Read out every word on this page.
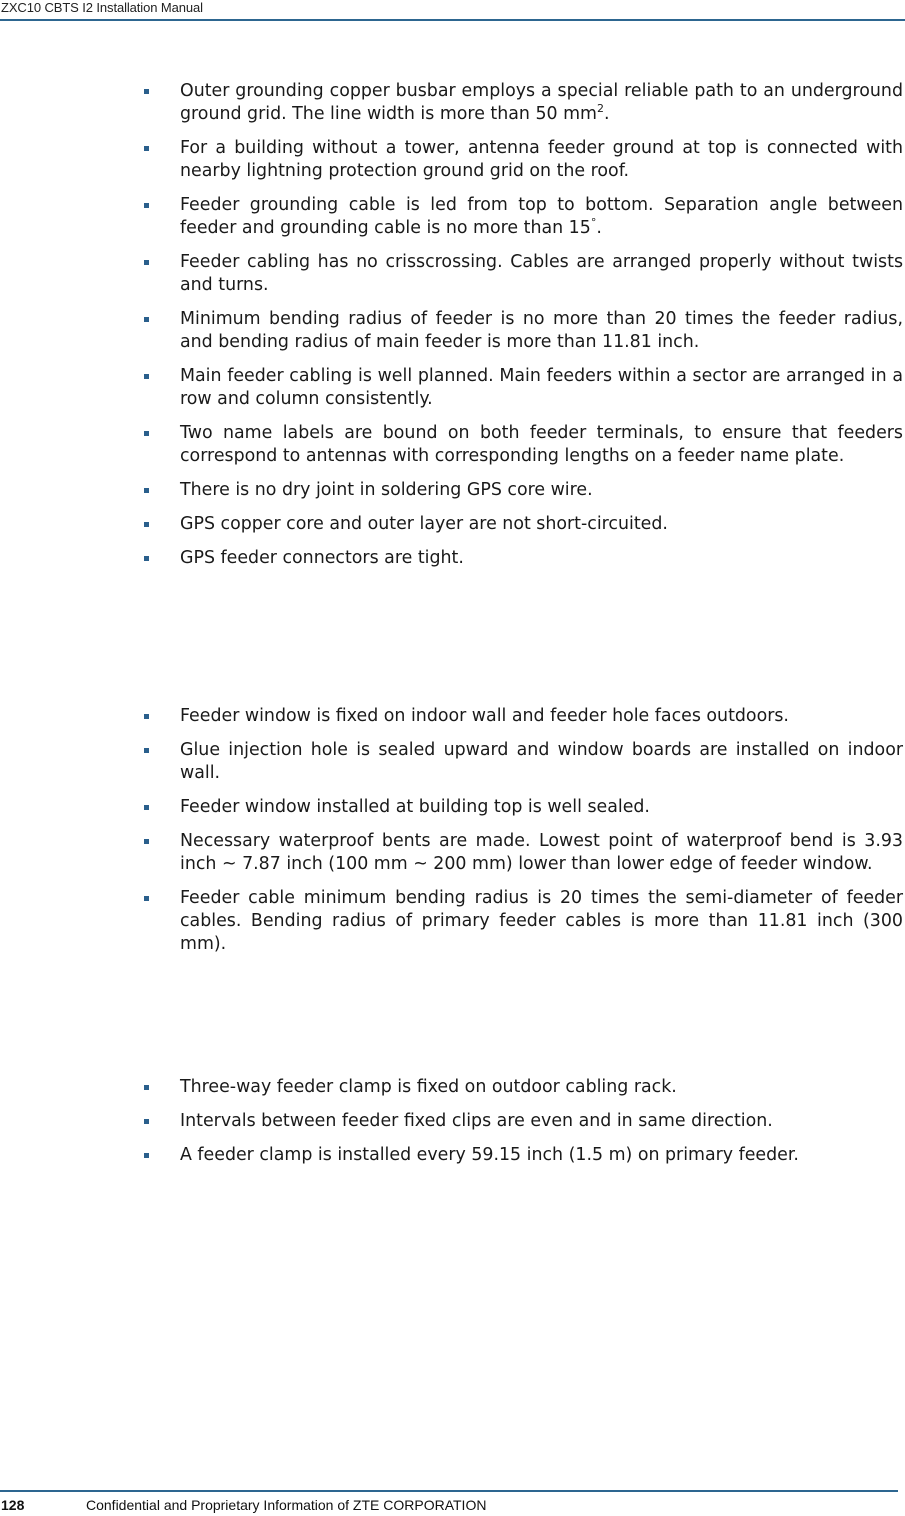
ZXC10 CBTS I2 Installation Manual
Outer grounding copper busbar employs a special reliable path to an underground ground grid. The line width is more than 50 $mm^2$.
For a building without a tower, antenna feeder ground at top is connected with nearby lightning protection ground grid on the roof.
Feeder grounding cable is led from top to bottom. Separation angle between feeder and grounding cable is no more than 15°.
Feeder cabling has no crisscrossing. Cables are arranged properly without twists and turns.
Minimum bending radius of feeder is no more than 20 times the feeder radius, and bending radius of main feeder is more than 11.81 inch.
Main feeder cabling is well planned. Main feeders within a sector are arranged in a row and column consistently.
Two name labels are bound on both feeder terminals, to ensure that feeders correspond to antennas with corresponding lengths on a feeder name plate.
There is no dry joint in soldering GPS core wire.
GPS copper core and outer layer are not short-circuited.
GPS feeder connectors are tight.
Feeder window is fixed on indoor wall and feeder hole faces outdoors.
Glue injection hole is sealed upward and window boards are installed on indoor wall.
Feeder window installed at building top is well sealed.
Necessary waterproof bents are made. Lowest point of waterproof bend is 3.93 inch ~ 7.87 inch (100 mm ~ 200 mm) lower than lower edge of feeder window.
Feeder cable minimum bending radius is 20 times the semi-diameter of feeder cables. Bending radius of primary feeder cables is more than 11.81 inch (300 mm).
Three-way feeder clamp is fixed on outdoor cabling rack.
Intervals between feeder fixed clips are even and in same direction.
A feeder clamp is installed every 59.15 inch (1.5 m) on primary feeder.
128	Confidential and Proprietary Information of ZTE CORPORATION
